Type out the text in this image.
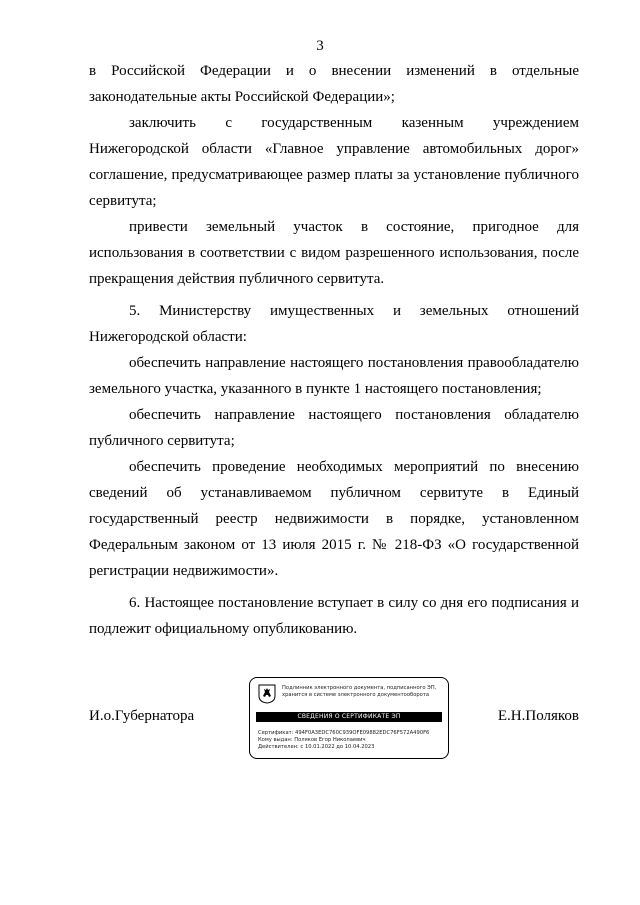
3

в Российской Федерации и о внесении изменений в отдельные законодательные акты Российской Федерации»;

заключить с государственным казенным учреждением Нижегородской области «Главное управление автомобильных дорог» соглашение, предусматривающее размер платы за установление публичного сервитута;

привести земельный участок в состояние, пригодное для использования в соответствии с видом разрешенного использования, после прекращения действия публичного сервитута.

5. Министерству имущественных и земельных отношений Нижегородской области:

обеспечить направление настоящего постановления правообладателю земельного участка, указанного в пункте 1 настоящего постановления;

обеспечить направление настоящего постановления обладателю публичного сервитута;

обеспечить проведение необходимых мероприятий по внесению сведений об устанавливаемом публичном сервитуте в Единый государственный реестр недвижимости в порядке, установленном Федеральным законом от 13 июля 2015 г. № 218-ФЗ «О государственной регистрации недвижимости».

6. Настоящее постановление вступает в силу со дня его подписания и подлежит официальному опубликованию.

И.о.Губернатора	Е.Н.Поляков
Подлинник электронного документа, подписанного ЭП,
хранится в системе электронного документооборота
СВЕДЕНИЯ О СЕРТИФИКАТЕ ЭП
Сертификат: 494F0A3EDC760C939OFE09882EDC76F572A490F6
Кому выдан: Поляков Егор Николаевич
Действителен: с 10.01.2022 до 10.04.2023
